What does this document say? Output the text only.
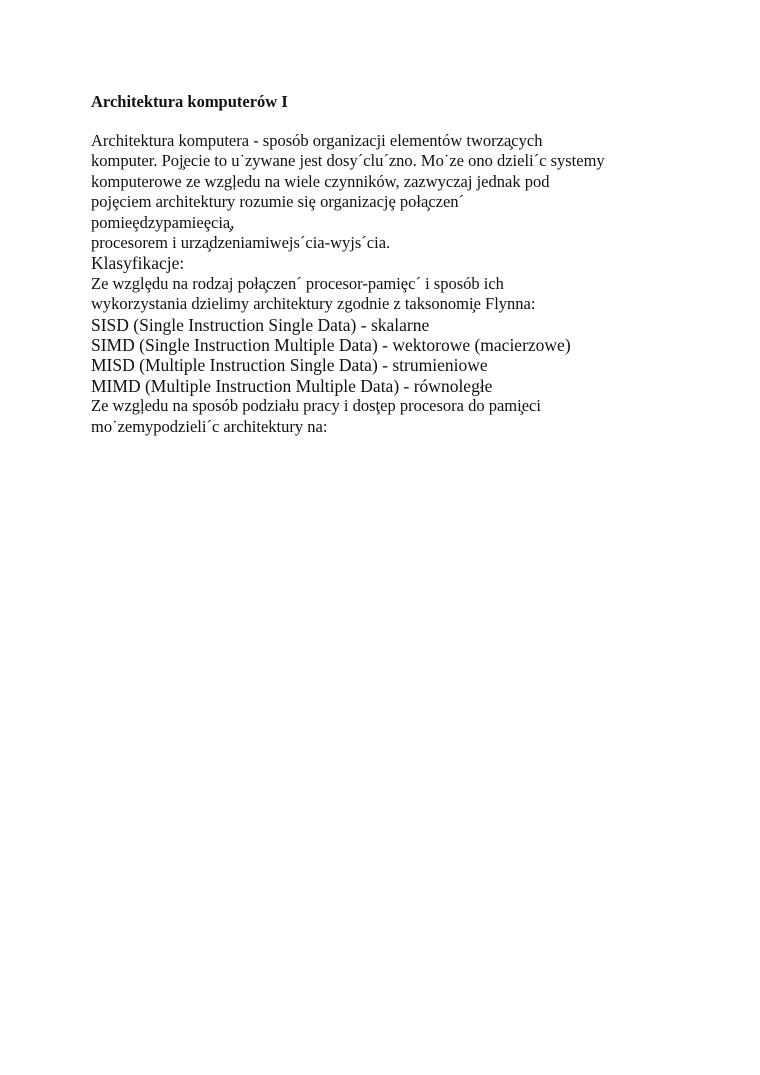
Architektura komputerów I
Architektura komputera - sposób organizacji elementów tworza̧cych
komputer. Poj̧ecie to u˙zywane jest dosy´clu´zno. Mo˙ze ono dzieli´c systemy
komputerowe ze wzgļedu na wiele czynników, zazwyczaj jednak pod
pojȩciem architektury rozumie siȩ organizacjȩ poła̧czen´
pomieȩdzypamieȩcia̧,
procesorem i urza̧dzeniamiwejs´cia-wyjs´cia.
Klasyfikacje:
Ze wzglȩdu na rodzaj poła̧czen´ procesor-pamiȩc´ i sposób ich
wykorzystania dzielimy architektury zgodnie z taksonomi̧e Flynna:
SISD (Single Instruction Single Data) - skalarne
SIMD (Single Instruction Multiple Data) - wektorowe (macierzowe)
MISD (Multiple Instruction Single Data) - strumieniowe
MIMD (Multiple Instruction Multiple Data) - równoległe
Ze wzgļedu na sposób podziału pracy i dosţep procesora do pami̧eci
mo˙zemypodzieli´c architektury na:
